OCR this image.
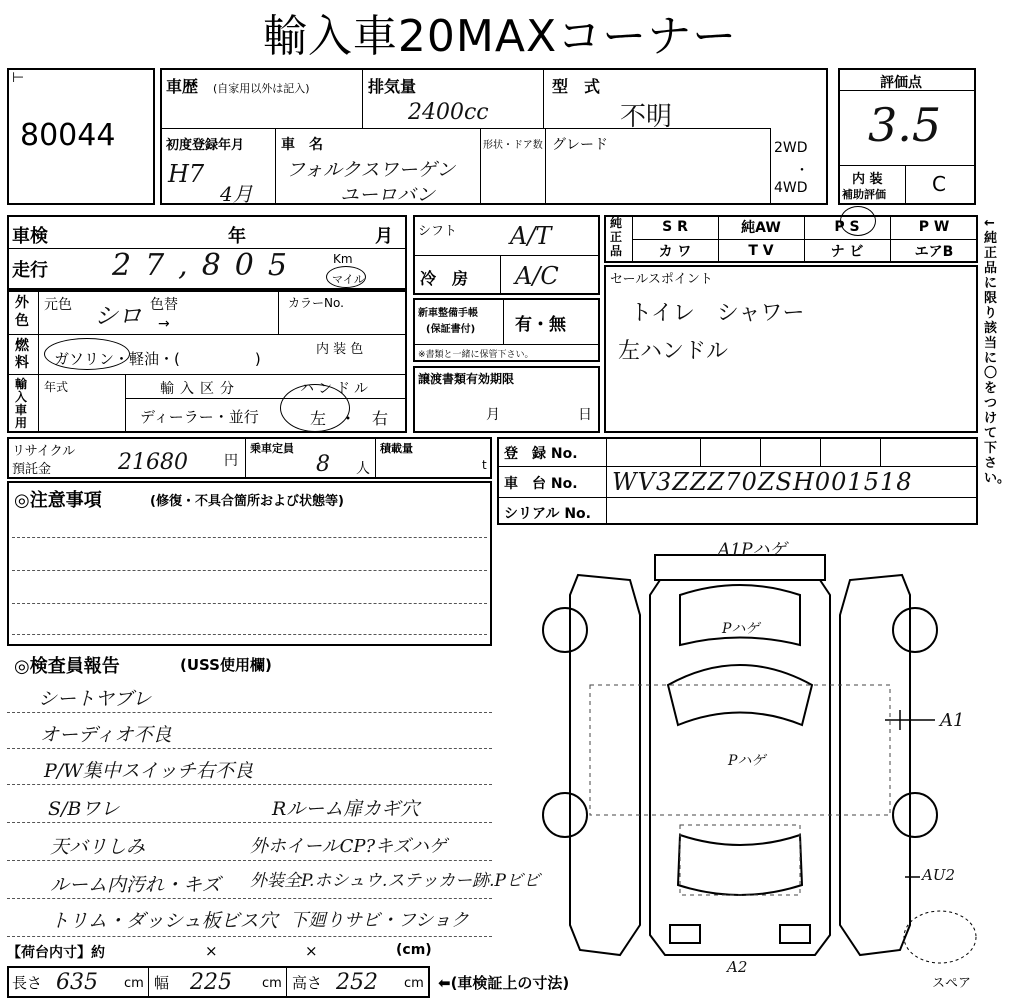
輸入車20MAXコーナー
⊢
80044
車歴 (自家用以外は記入)	排気量
2400cc
型　式
不明
初度登録年月
H7
4月
車　名
フォルクスワーゲン
ユーロバン
形状・ドア数 グレード	2WD
・
4WD
評価点
3.5
内 装
補助評価 C
車検	年	月
走行 27,805	Km
マイル
シフト A/T
冷　房 A/C
純正品
S R	純AW	P S	P W
カ ワ	T V	ナ ビ	エアB
←純正品に限り該当に〇をつけて下さい。
外色
元色 シロ 色替
→
カラーNo.
燃料 ガソリン・軽油・(　　　　　)
内 装 色
輸入車用
年式	輸入区分	ハンドル
ディーラー・並行	左 ・ 右
新車整備手帳
(保証書付) 有・無
※書類と一緒に保管下さい。
譲渡書類有効期限
月	日
セールスポイント
トイレ　シャワー
左ハンドル
リサイクル
預託金	21680	円
乗車定員
8 人
積載量
t
登　録 No.
車　台 No. WV3ZZZ70ZSH001518
シリアル No.
◎注意事項	(修復・不具合箇所および状態等)
◎検査員報告	(USS使用欄)
シートヤブレ
オーディオ不良
P/W集中スイッチ右不良
S/Bワレ	Rルーム扉カギ穴
天バリしみ	外ホイールCP?キズハゲ
ルーム内汚れ・キズ 外装全P.ホシュウ.ステッカー跡.Pビビ
トリム・ダッシュ板ビス穴 下廻りサビ・フショク
【荷台内寸】約	×	×	(cm)
長さ 635 cm 幅 225 cm 高さ 252 cm ⬅(車検証上の寸法)
A1Pハゲ
Pハゲ
Pハゲ
A1
AU2
A2
スペア
